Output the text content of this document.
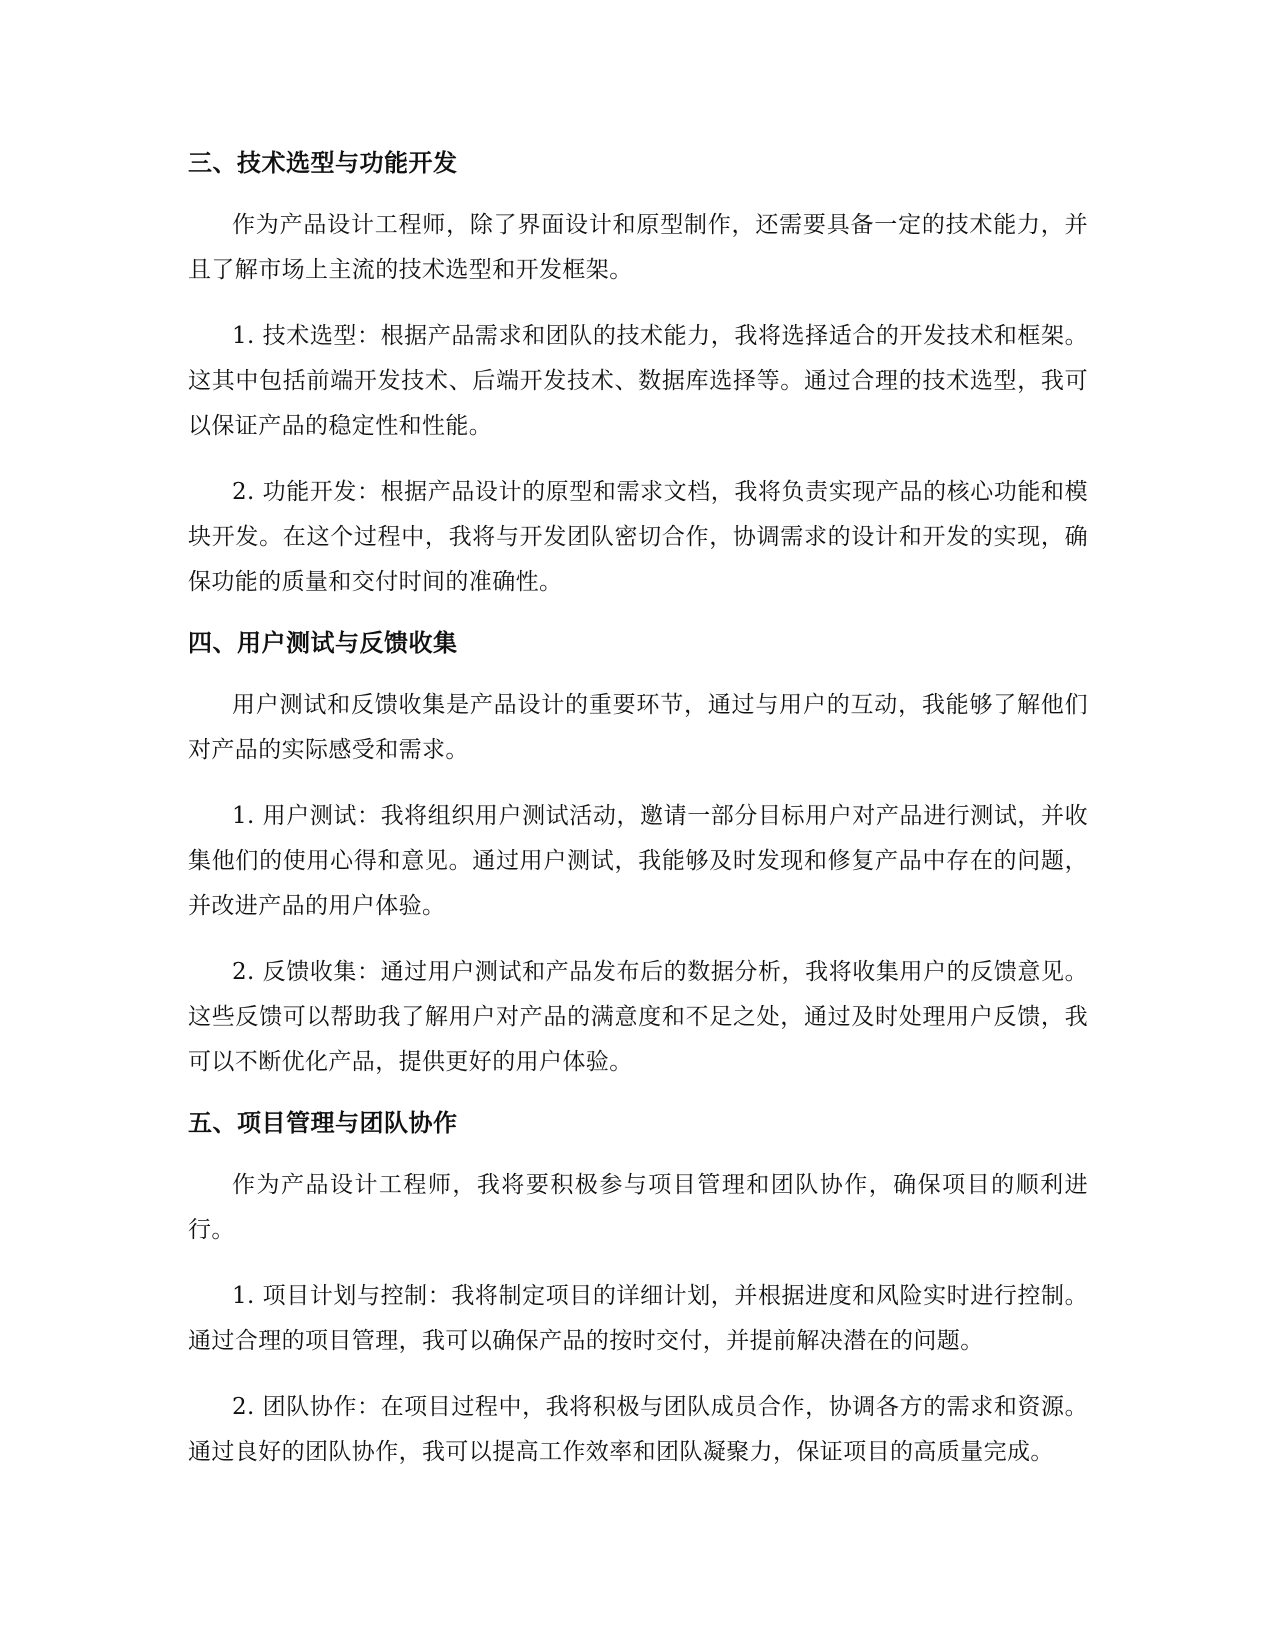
三、技术选型与功能开发

作为产品设计工程师，除了界面设计和原型制作，还需要具备一定的技术能力，并且了解市场上主流的技术选型和开发框架。

1. 技术选型：根据产品需求和团队的技术能力，我将选择适合的开发技术和框架。这其中包括前端开发技术、后端开发技术、数据库选择等。通过合理的技术选型，我可以保证产品的稳定性和性能。

2. 功能开发：根据产品设计的原型和需求文档，我将负责实现产品的核心功能和模块开发。在这个过程中，我将与开发团队密切合作，协调需求的设计和开发的实现，确保功能的质量和交付时间的准确性。

四、用户测试与反馈收集

用户测试和反馈收集是产品设计的重要环节，通过与用户的互动，我能够了解他们对产品的实际感受和需求。

1. 用户测试：我将组织用户测试活动，邀请一部分目标用户对产品进行测试，并收集他们的使用心得和意见。通过用户测试，我能够及时发现和修复产品中存在的问题，并改进产品的用户体验。

2. 反馈收集：通过用户测试和产品发布后的数据分析，我将收集用户的反馈意见。这些反馈可以帮助我了解用户对产品的满意度和不足之处，通过及时处理用户反馈，我可以不断优化产品，提供更好的用户体验。

五、项目管理与团队协作

作为产品设计工程师，我将要积极参与项目管理和团队协作，确保项目的顺利进行。

1. 项目计划与控制：我将制定项目的详细计划，并根据进度和风险实时进行控制。通过合理的项目管理，我可以确保产品的按时交付，并提前解决潜在的问题。

2. 团队协作：在项目过程中，我将积极与团队成员合作，协调各方的需求和资源。通过良好的团队协作，我可以提高工作效率和团队凝聚力，保证项目的高质量完成。
